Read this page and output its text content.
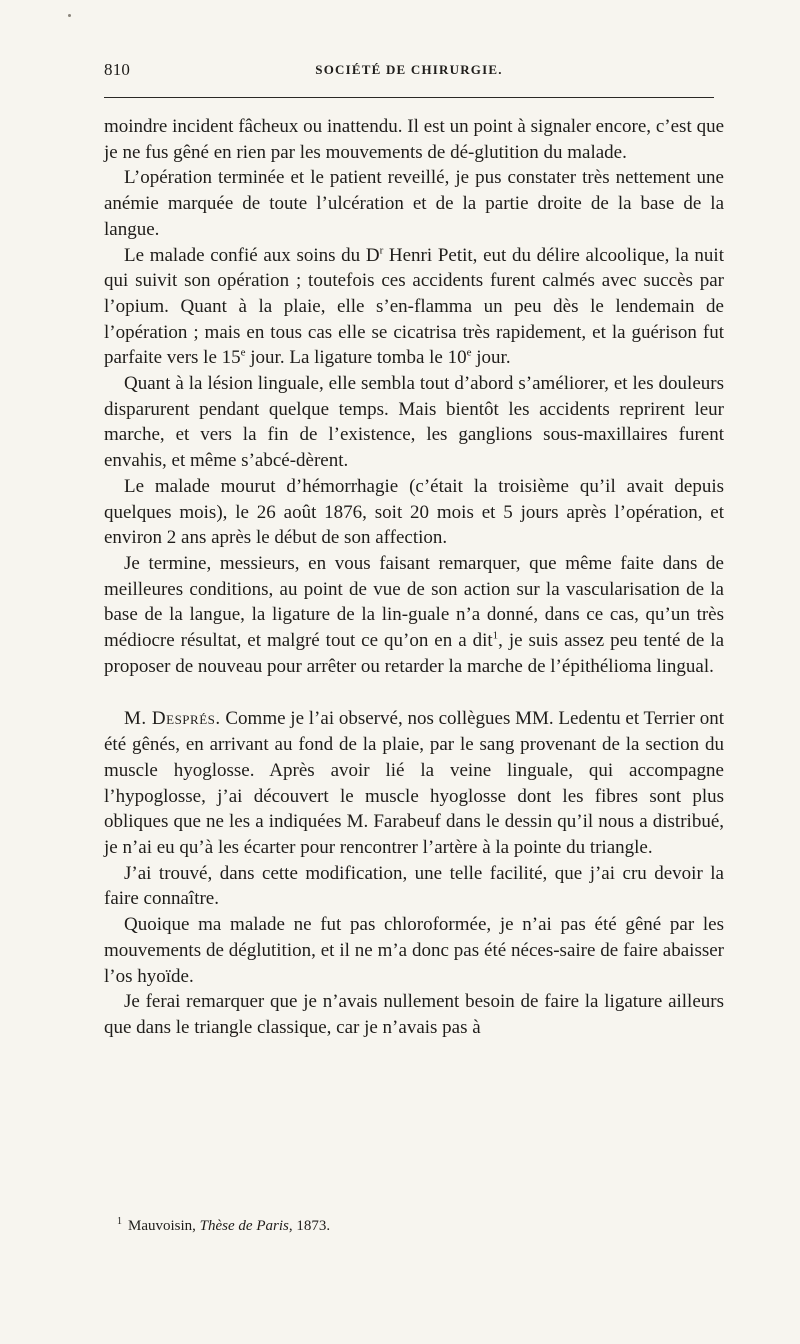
810	SOCIÉTÉ DE CHIRURGIE.

moindre incident fâcheux ou inattendu. Il est un point à signaler encore, c’est que je ne fus gêné en rien par les mouvements de dé-glutition du malade.

L’opération terminée et le patient reveillé, je pus constater très nettement une anémie marquée de toute l’ulcération et de la partie droite de la base de la langue.

Le malade confié aux soins du $D^r$ Henri Petit, eut du délire alcoolique, la nuit qui suivit son opération ; toutefois ces accidents furent calmés avec succès par l’opium. Quant à la plaie, elle s’en-flamma un peu dès le lendemain de l’opération ; mais en tous cas elle se cicatrisa très rapidement, et la guérison fut parfaite vers le 15e jour. La ligature tomba le 10e jour.

Quant à la lésion linguale, elle sembla tout d’abord s’améliorer, et les douleurs disparurent pendant quelque temps. Mais bientôt les accidents reprirent leur marche, et vers la fin de l’existence, les ganglions sous-maxillaires furent envahis, et même s’abcé-dèrent.

Le malade mourut d’hémorrhagie (c’était la troisième qu’il avait depuis quelques mois), le 26 août 1876, soit 20 mois et 5 jours après l’opération, et environ 2 ans après le début de son affection.

Je termine, messieurs, en vous faisant remarquer, que même faite dans de meilleures conditions, au point de vue de son action sur la vascularisation de la base de la langue, la ligature de la lin-guale n’a donné, dans ce cas, qu’un très médiocre résultat, et malgré tout ce qu’on en a dit$^1$, je suis assez peu tenté de la proposer de nouveau pour arrêter ou retarder la marche de l’épithélioma lingual.

M. Després. Comme je l’ai observé, nos collègues MM. Ledentu et Terrier ont été gênés, en arrivant au fond de la plaie, par le sang provenant de la section du muscle hyoglosse. Après avoir lié la veine linguale, qui accompagne l’hypoglosse, j’ai découvert le muscle hyoglosse dont les fibres sont plus obliques que ne les a indiquées M. Farabeuf dans le dessin qu’il nous a distribué, je n’ai eu qu’à les écarter pour rencontrer l’artère à la pointe du triangle.

J’ai trouvé, dans cette modification, une telle facilité, que j’ai cru devoir la faire connaître.

Quoique ma malade ne fut pas chloroformée, je n’ai pas été gêné par les mouvements de déglutition, et il ne m’a donc pas été néces-saire de faire abaisser l’os hyoïde.

Je ferai remarquer que je n’avais nullement besoin de faire la ligature ailleurs que dans le triangle classique, car je n’avais pas à

$^1$ Mauvoisin, Thèse de Paris, 1873.
